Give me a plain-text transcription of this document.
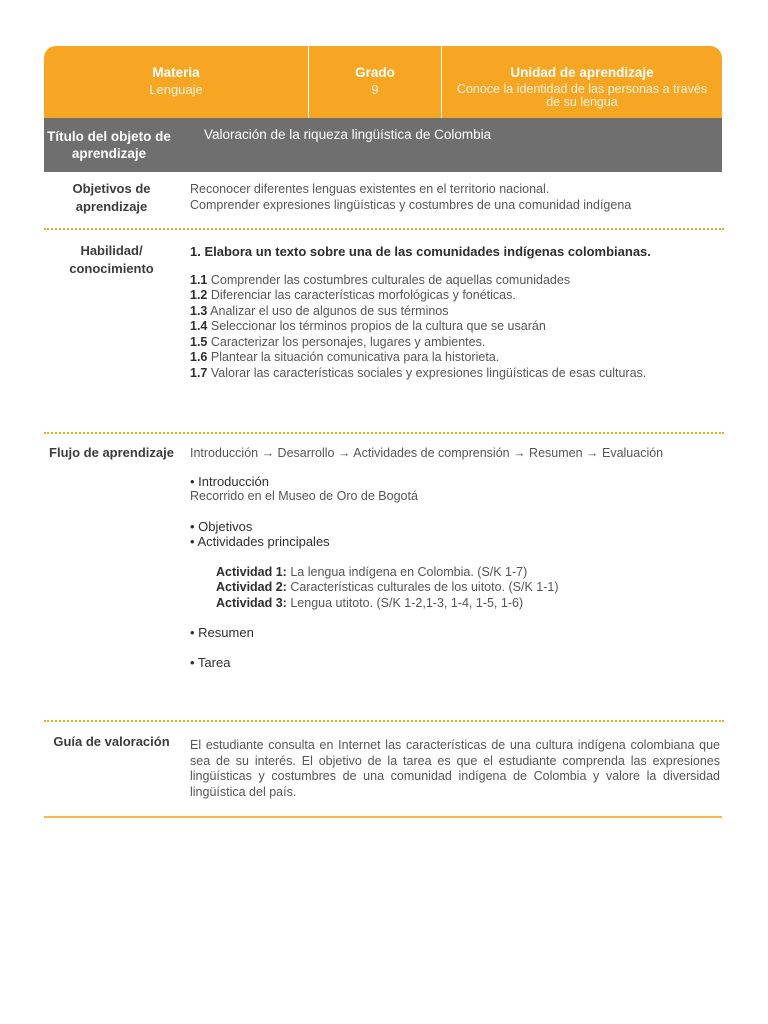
Materia
Lenguaje
Grado
9
Unidad de aprendizaje
Conoce la identidad de las personas a través de su lengua
Título del objeto de aprendizaje
Valoración de la riqueza lingüística de Colombia
Objetivos de aprendizaje
Reconocer diferentes lenguas existentes en el territorio nacional.
Comprender expresiones lingüísticas y costumbres de una comunidad indígena
Habilidad/ conocimiento
1. Elabora un texto sobre una de las comunidades indígenas colombianas.
1.1 Comprender las costumbres culturales de aquellas comunidades
1.2 Diferenciar las características morfológicas y fonéticas.
1.3 Analizar el uso de algunos de sus términos
1.4 Seleccionar los términos propios de la cultura que se usarán
1.5 Caracterizar los personajes, lugares y ambientes.
1.6 Plantear la situación comunicativa para la historieta.
1.7 Valorar las características sociales y expresiones lingüísticas de esas culturas.
Flujo de aprendizaje	Introducción → Desarrollo → Actividades de comprensión → Resumen → Evaluación
• Introducción
Recorrido en el Museo de Oro de Bogotá
• Objetivos
• Actividades principales
Actividad 1: La lengua indígena en Colombia. (S/K 1-7)
Actividad 2: Características culturales de los uitoto. (S/K 1-1)
Actividad 3: Lengua utitoto. (S/K 1-2,1-3, 1-4, 1-5, 1-6)
• Resumen
• Tarea
Guía de valoración	El estudiante consulta en Internet las características de una cultura indígena colombiana que sea de su interés. El objetivo de la tarea es que el estudiante comprenda las expresiones lingüísticas y costumbres de una comunidad indígena de Colombia y valore la diversidad lingüística del país.
